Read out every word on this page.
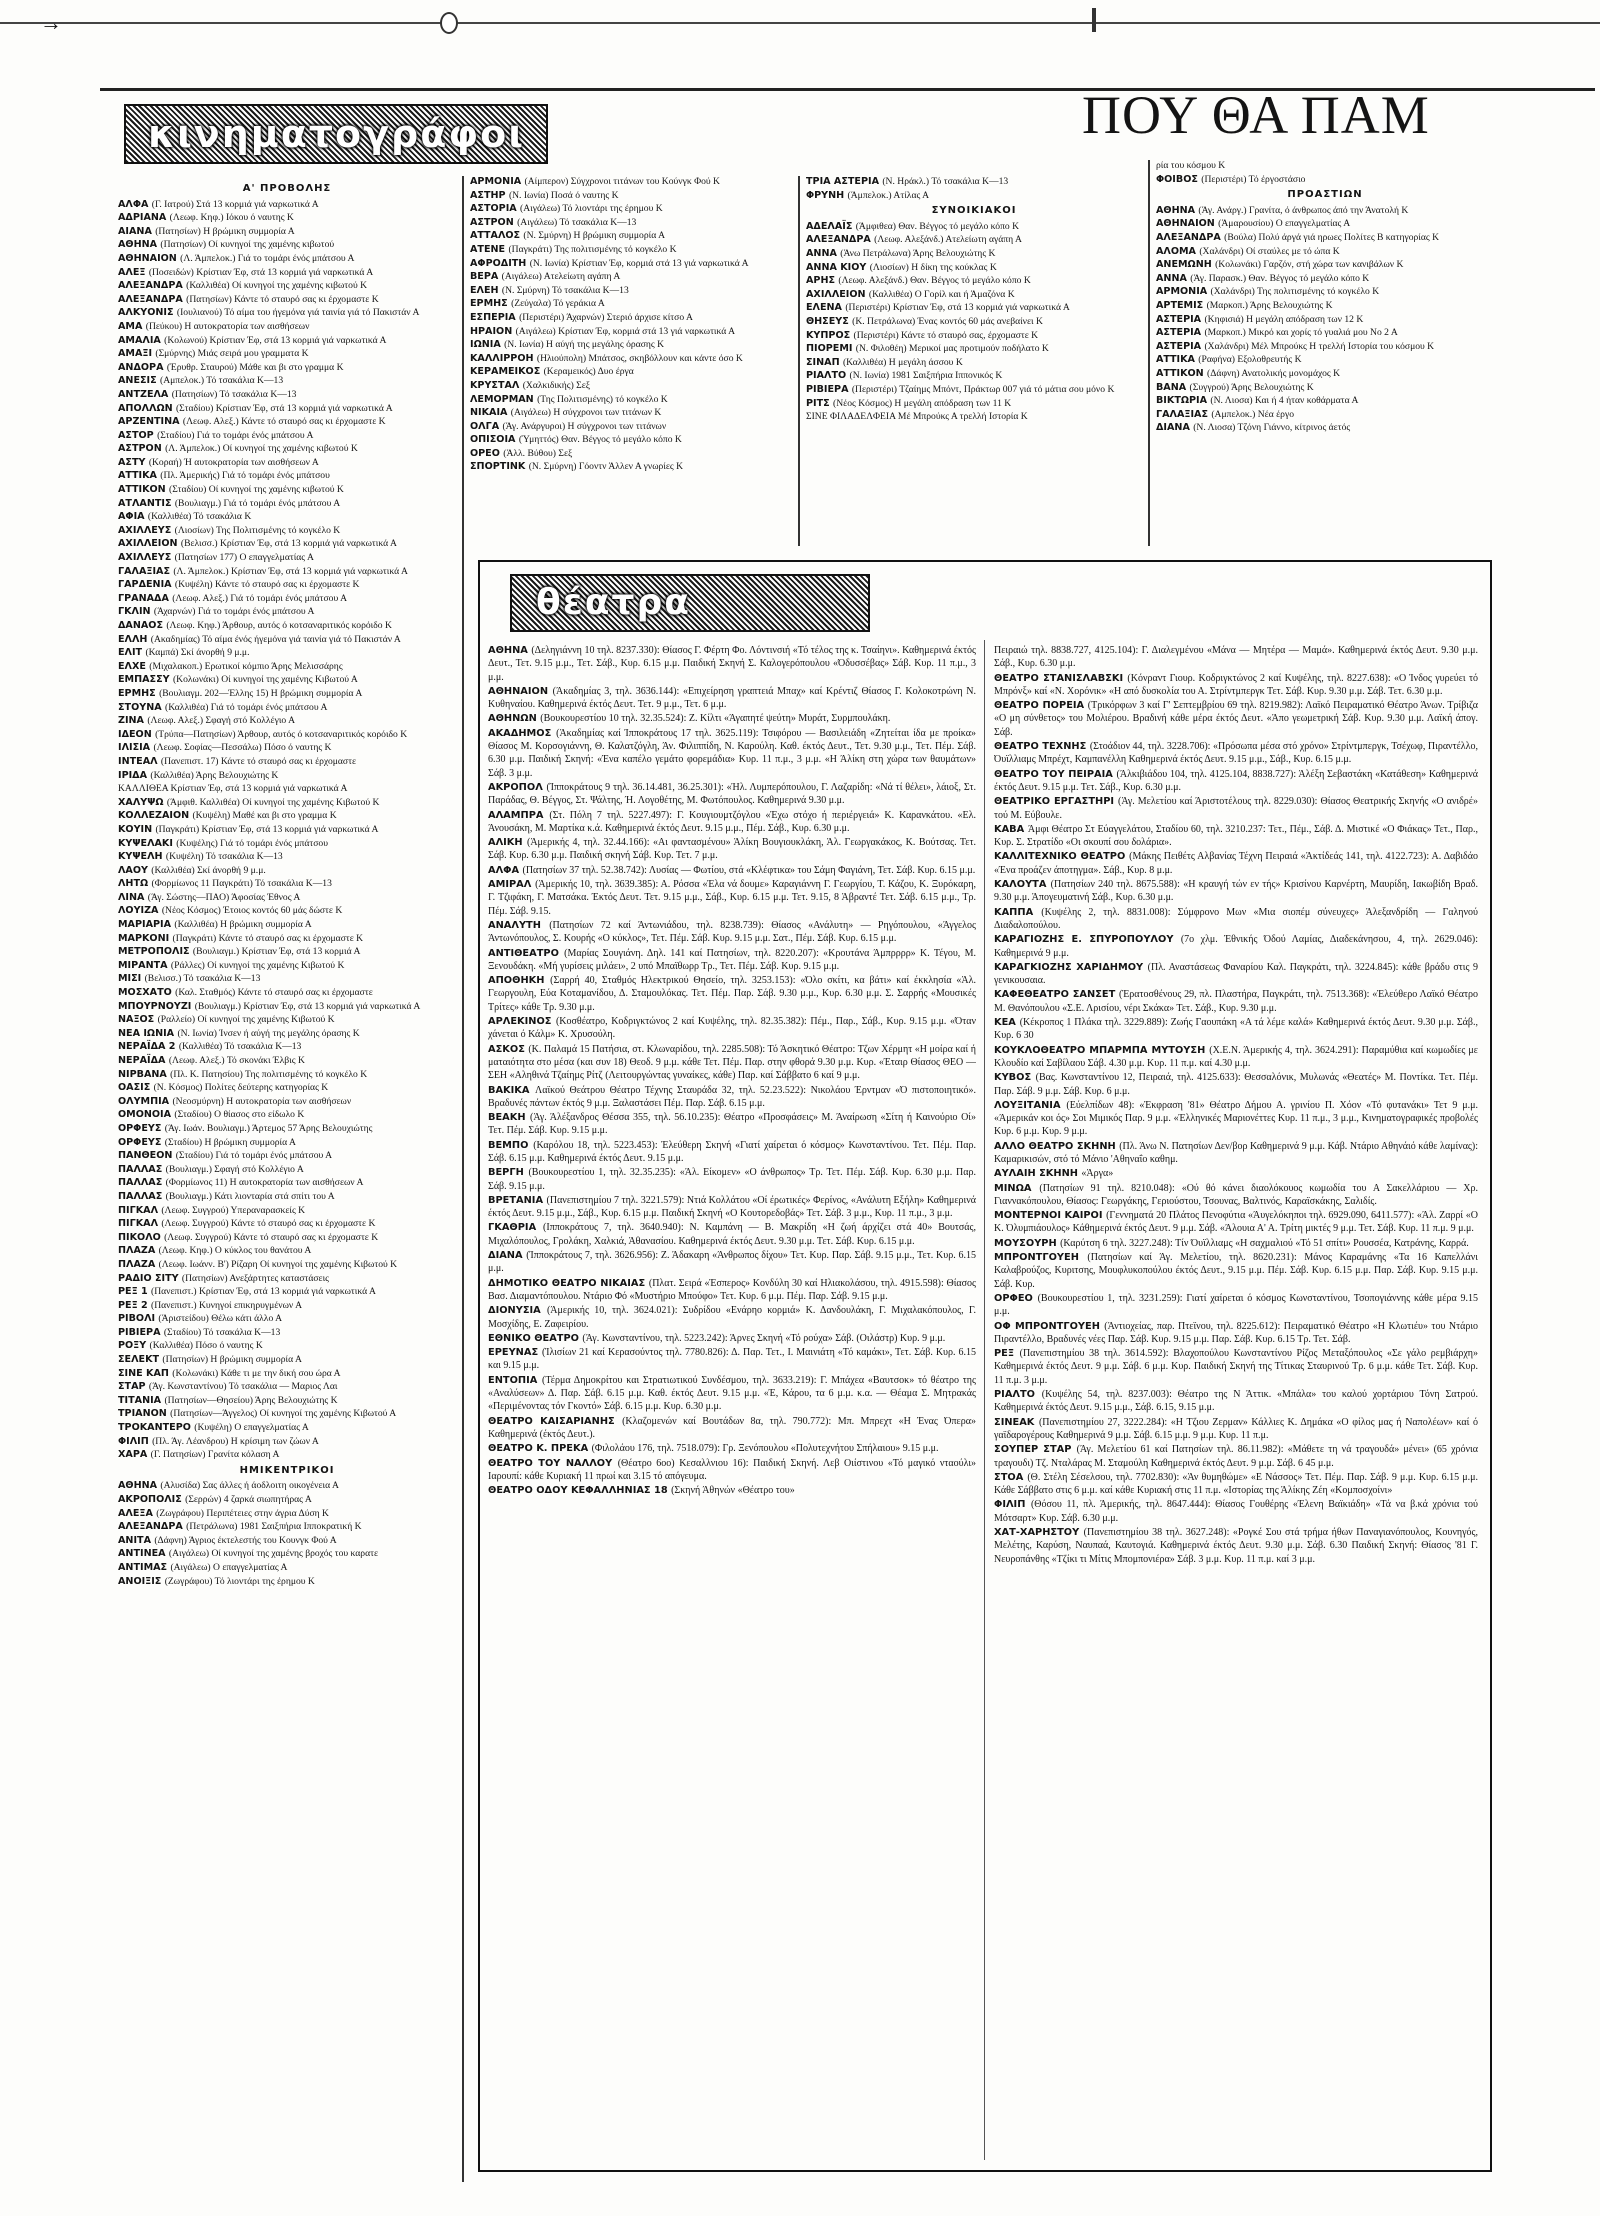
→
κινηματογράφοι	ΠΟΥ ΘΑ ΠΑΜ
Α' ΠΡΟΒΟΛΗΣ

ΑΛΦΑ (Γ. Ιατρού) Στά 13 κορμιά γιά ναρκωτικά Α

ΑΔΡΙΑΝΑ (Λεωφ. Κηφ.) Ιόκου ό ναυτης Κ

ΑΙΑΝΑ (Πατησίων) Η βρώμικη συμμορία Α

ΑΘΗΝΑ (Πατησίων) Οί κυνηγοί της χαμένης κιβωτού

ΑΘΗΝΑΙΟΝ (Λ. Άμπελοκ.) Γιά το τομάρι ένός μπάτσου Α

ΑΛΕΞ (Ποσειδών) Κρίστιαν Έφ, στά 13 κορμιά γιά ναρκωτικά Α

ΑΛΕΞΑΝΔΡΑ (Καλλιθέα) Οί κυνηγοί της χαμένης κιβωτού Κ

ΑΛΕΞΑΝΔΡΑ (Πατησίων) Κάντε τό σταυρό σας κι έρχομαστε Κ

ΑΛΚΥΟΝΙΣ (Ιουλιανού) Τό αίμα του ήγεμόνα γιά ταινία γιά τό Πακιστάν Α

ΑΜΑ (Πεύκου) Η αυτοκρατορία των αισθήσεων

ΑΜΑΛΙΑ (Κολωνού) Κρίστιαν Έφ, στά 13 κορμιά γιά ναρκωτικά Α

ΑΜΑΞΙ (Σμύρνης) Μιάς σειρά μου γραμματα Κ

ΑΝΔΟΡΑ (Έρυθρ. Σταυρού) Μάθε και βι στο γραμμα Κ

ΑΝΕΣΙΣ (Αμπελοκ.) Τό τσακάλια Κ—13

ΑΝΤΖΕΛΑ (Πατησίων) Τό τσακάλια Κ—13

ΑΠΟΛΛΩΝ (Σταδίου) Κρίστιαν Έφ, στά 13 κορμιά γιά ναρκωτικά Α

ΑΡΖΕΝΤΙΝΑ (Λεωφ. Αλεξ.) Κάντε τό σταυρό σας κι έρχομαστε Κ

ΑΣΤΟΡ (Σταδίου) Γιά το τομάρι ένός μπάτσου Α

ΑΣΤΡΟΝ (Λ. Άμπελοκ.) Οί κυνηγοί της χαμένης κιβωτού Κ

ΑΣΤΥ (Κοραή) Ή αυτοκρατορία των αισθήσεων Α

ΑΤΤΙΚΑ (Πλ. Άμερικής) Γιά τό τομάρι ένός μπάτσου

ΑΤΤΙΚΟΝ (Σταδίου) Οί κυνηγοί της χαμένης κιβωτού Κ

ΑΤΛΑΝΤΙΣ (Βουλιαγμ.) Γιά τό τομάρι ένός μπάτσου Α

ΑΦΙΑ (Καλλιθέα) Τό τσακάλια Κ

ΑΧΙΛΛΕΥΣ (Λιοσίων) Της Πολιτισμένης τό κογκέλο Κ

ΑΧΙΛΛΕΙΟΝ (Βελισσ.) Κρίστιαν Έφ, στά 13 κορμιά γιά ναρκωτικά Α

ΑΧΙΛΛΕΥΣ (Πατησίων 177) Ο επαγγελματίας Α

ΓΑΛΑΞΙΑΣ (Λ. Άμπελοκ.) Κρίστιαν Έφ, στά 13 κορμιά γιά ναρκωτικά Α

ΓΑΡΔΕΝΙΑ (Κυψέλη) Κάντε τό σταυρό σας κι έρχομαστε Κ

ΓΡΑΝΑΔΑ (Λεωφ. Αλεξ.) Γιά τό τομάρι ένός μπάτσου Α

ΓΚΛΙΝ (Άχαρνών) Γιά το τομάρι ένός μπάτσου Α

ΔΑΝΑΟΣ (Λεωφ. Κηφ.) Άρθουρ, αυτός ό κοτσαναριτικός κορόιδο Κ

ΕΛΛΗ (Ακαδημίας) Τό αίμα ένός ήγεμόνα γιά ταινία γιά τό Πακιστάν Α

ΕΛΙΤ (Καμπά) Σκί άνορθή 9 μ.μ.

ΕΛΧΕ (Μιχαλακοπ.) Ερωτικοί κόμπιο Άρης Μελισσάρης

ΕΜΠΑΣΣΥ (Κολωνάκι) Οί κυνηγοί της χαμένης Κιβωτού Α

ΕΡΜΗΣ (Βουλιαγμ. 202—Έλλης 15) Η βρώμικη συμμορία Α

ΣΤΟΥΝΑ (Καλλιθέα) Γιά τό τομάρι ένός μπάτσου Α

ΖΙΝΑ (Λεωφ. Αλεξ.) Σφαγή στό Κολλέγιο Α

ΙΔΕΟΝ (Τρύπα—Πατησίων) Άρθουρ, αυτός ό κοτσαναριτικός κορόιδο Κ

ΙΛΙΣΙΑ (Λεωφ. Σοφίας—Πεσσάλω) Πόσο ό ναυτης Κ

ΙΝΤΕΑΛ (Πανεπιστ. 17) Κάντε τό σταυρό σας κι έρχομαστε

ΙΡΙΔΑ (Καλλιθέα) Άρης Βελουχιώτης Κ

ΚΑΛΛΙΘΕΑ Κρίστιαν Έφ, στά 13 κορμιά γιά ναρκωτικά Α

ΧΑΛΥΨΩ (Άμφιθ. Καλλιθέα) Οί κυνηγοί της χαμένης Κιβωτού Κ

ΚΟΛΛΕΖΑΙΟΝ (Κυψέλη) Μαθέ και βι στο γραμμα Κ

ΚΟΥΙΝ (Παγκράτι) Κρίστιαν Έφ, στά 13 κορμιά γιά ναρκωτικά Α

ΚΥΨΕΛΑΚΙ (Κυψέλης) Γιά τό τομάρι ένός μπάτσου

ΚΥΨΕΛΗ (Κυψέλη) Τό τσακάλια Κ—13

ΛΑΟΥ (Καλλιθέα) Σκί άνορθή 9 μ.μ.

ΛΗΤΩ (Φορμίωνος 11 Παγκράτι) Τό τσακάλια Κ—13

ΛΙΝΑ (Άγ. Σώστης—ΠΑΟ) Άφοσίας Έθνος Α

ΛΟΥΙΖΑ (Νέος Κόσμος) Έτοιος κοντός 60 μάς δώστε Κ

ΜΑΡΙΑΡΙΑ (Καλλιθέα) Η βρώμικη συμμορία Α

ΜΑΡΚΟΝΙ (Παγκράτι) Κάντε τό σταυρό σας κι έρχομαστε Κ

ΜΕΤΡΟΠΟΛΙΣ (Βουλιαγμ.) Κρίστιαν Έφ, στά 13 κορμιά Α

ΜΙΡΑΝΤΑ (Ράλλες) Οί κυνηγοί της χαμένης Κιβωτού Κ

ΜΙΣΙ (Βελισσ.) Τό τσακάλια Κ—13

ΜΟΣΧΑΤΟ (Καλ. Σταθμός) Κάντε τό σταυρό σας κι έρχομαστε

ΜΠΟΥΡΝΟΥΖΙ (Βουλιαγμ.) Κρίστιαν Έφ, στά 13 κορμιά γιά ναρκωτικά Α

ΝΑΞΟΣ (Ραλλείο) Οί κυνηγοί της χαμένης Κιβωτού Κ

ΝΕΑ ΙΩΝΙΑ (Ν. Ιωνία) Ίνσεν ή αύγή της μεγάλης όρασης Κ

ΝΕΡΑΪΔΑ 2 (Καλλιθέα) Τό τσακάλια Κ—13

ΝΕΡΑΪΔΑ (Λεωφ. Αλεξ.) Τό σκονάκι Έλβις Κ

ΝΙΡΒΑΝΑ (Πλ. Κ. Πατησίου) Της πολιτισμένης τό κογκέλο Κ

ΟΑΣΙΣ (Ν. Κόσμος) Πολίτες δεύτερης κατηγορίας Κ

ΟΛΥΜΠΙΑ (Νεοσμύρνη) Η αυτοκρατορία των αισθήσεων

ΟΜΟΝΟΙΑ (Σταδίου) Ο θίασος στο είδωλο Κ

ΟΡΦΕΥΣ (Άγ. Ιωάν. Βουλιαγμ.) Άρτεμος 57 Άρης Βελουχιώτης

ΟΡΦΕΥΣ (Σταδίου) Η βρώμικη συμμορία Α

ΠΑΝΘΕΟΝ (Σταδίου) Γιά τό τομάρι ένός μπάτσου Α

ΠΑΛΛΑΣ (Βουλιαγμ.) Σφαγή στό Κολλέγιο Α

ΠΑΛΛΑΣ (Φορμίωνος 11) Η αυτοκρατορία των αισθήσεων Α

ΠΑΛΛΑΣ (Βουλιαγμ.) Κάτι λιονταρία στά σπίτι του Α

ΠΙΓΚΑΛ (Λεωφ. Συγγρού) Υπεραναρασκείς Κ

ΠΙΓΚΑΛ (Λεωφ. Συγγρού) Κάντε τό σταυρό σας κι έρχομαστε Κ

ΠΙΚΟΛΟ (Λεωφ. Συγγρού) Κάντε τό σταυρό σας κι έρχομαστε Κ

ΠΛΑΖΑ (Λεωφ. Κηφ.) Ο κύκλος του θανάτου Α

ΠΛΑΖΑ (Λεωφ. Ιωάνν. Β') Ρίζαρη Οί κυνηγοί της χαμένης Κιβωτού Κ

ΡΑΔΙΟ ΣΙΤΥ (Πατησίων) Ανεξάρτητες καταστάσεις

ΡΕΞ 1 (Πανεπιστ.) Κρίστιαν Έφ, στά 13 κορμιά γιά ναρκωτικά Α

ΡΕΞ 2 (Πανεπιστ.) Κυνηγοί επικηρυγμένων Α

ΡΙΒΟΛΙ (Άριστείδου) Θέλω κάτι άλλο Α

ΡΙΒΙΕΡΑ (Σταδίου) Τό τσακάλια Κ—13

ΡΟΞΥ (Καλλιθέα) Πόσο ό ναυτης Κ

ΣΕΛΕΚΤ (Πατησίων) Η βρώμικη συμμορία Α

ΣΙΝΕ ΚΑΠ (Κολωνάκι) Κάθε τι με την δική σου ώρα Α

ΣΤΑΡ (Άγ. Κωνσταντίνου) Τό τσακάλια — Μαριος Λαι

ΤΙΤΑΝΙΑ (Πατησίων—Θησείου) Άρης Βελουχιώτης Κ

ΤΡΙΑΝΟΝ (Πατησίων—Άγγελος) Οί κυνηγοί της χαμένης Κιβωτού Α

ΤΡΟΚΑΝΤΕΡΟ (Κυψέλη) Ο επαγγελματίας Α

ΦΙΛΙΠ (Πλ. Άγ. Λέανδρου) Η κρίσιμη των ζώων Α

ΧΑΡΑ (Γ. Πατησίων) Γρανίτα κόλαση Α

ΗΜΙΚΕΝΤΡΙΚΟΙ

ΑΘΗΝΑ (Αλυσίδα) Σας άλλες ή άοδλοιτη οικογένεια Α

ΑΚΡΟΠΟΛΙΣ (Σερρών) 4 ζαρκά σιωπητήρας Α

ΑΛΕΞΑ (Ζωγράφου) Περιπέτειες στην άγρια Δύση Κ

ΑΛΕΞΑΝΔΡΑ (Πετράλωνα) 1981 Σαιξπήρια Ιπποκρατική Κ

ΑΝΙΤΑ (Δάφνη) Άγριος έκτελεστής του Κουνγκ Φού Α

ΑΝΤΙΝΕΑ (Αιγάλεω) Οί κυνηγοί της χαμένης βροχός του καρατε

ΑΝΤΙΜΑΣ (Αιγάλεω) Ο επαγγελματίας Α

ΑΝΟΙΞΙΣ (Ζωγράφου) Τό λιοντάρι της έρημου Κ

ΑΡΜΟΝΙΑ (Αίμπερον) Σύγχρονοι τιτάνων του Κούνγκ Φού Κ

ΑΣΤΗΡ (Ν. Ιωνία) Ποσά ό ναυτης Κ

ΑΣΤΟΡΙΑ (Αιγάλεω) Τό λιοντάρι της έρημου Κ

ΑΣΤΡΟΝ (Αιγάλεω) Τό τσακάλια Κ—13

ΑΤΤΑΛΟΣ (Ν. Σμύρνη) Η βρώμικη συμμορία Α

ΑΤΕΝΕ (Παγκράτι) Της πολιτισμένης τό κογκέλο Κ

ΑΦΡΟΔΙΤΗ (Ν. Ιωνία) Κρίστιαν Έφ, κορμιά στά 13 γιά ναρκωτικά Α

ΒΕΡΑ (Αιγάλεω) Ατελείωτη αγάπη Α

ΕΛΕΗ (Ν. Σμύρνη) Τό τσακάλια Κ—13

ΕΡΜΗΣ (Ζεύγαλα) Τό γεράκια Α

ΕΣΠΕΡΙΑ (Περιστέρι) Άχαρνών) Στεριό άρχισε κίτσο Α

ΗΡΑΙΟΝ (Αιγάλεω) Κρίστιαν Έφ, κορμιά στά 13 γιά ναρκωτικά Α

ΙΩΝΙΑ (Ν. Ιωνία) Η αύγή της μεγάλης όρασης Κ

ΚΑΛΛΙΡΡΟΗ (Ηλιούπολη) Μπάτσος, σκηβόλλουν και κάντε όσο Κ

ΚΕΡΑΜΕΙΚΟΣ (Κεραμεικός) Δυο έργα

ΚΡΥΣΤΑΛ (Χαλκιδικής) Σεξ

ΛΕΜΟΡΜΑΝ (Της Πολιτισμένης) τό κογκέλο Κ

ΝΙΚΑΙΑ (Αιγάλεω) Η σύγχρονοι των τιτάνων Κ

ΟΛΓΑ (Άγ. Ανάργυροι) Η σύγχρονοι των τιτάνων

ΟΠΙΣΟΙΑ (Ύμηττός) Θαν. Βέγγος τό μεγάλο κόπο Κ

ΟΡΕΟ (Άλλ. Βύθου) Σεξ

ΣΠΟΡΤΙΝΚ (Ν. Σμύρνη) Γόοντν Άλλεν Α γνωρίες Κ

ΤΡΙΑ ΑΣΤΕΡΙΑ (Ν. Ηράκλ.) Τό τσακάλια Κ—13

ΦΡΥΝΗ (Άμπελοκ.) Ατίλας Α

ΣΥΝΟΙΚΙΑΚΟΙ

ΑΔΕΛΑΪΣ (Άμφιθεα) Θαν. Βέγγος τό μεγάλο κόπο Κ

ΑΛΕΞΑΝΔΡΑ (Λεωφ. Αλεξάνδ.) Ατελείωτη αγάπη Α

ΑΝΝΑ (Άνω Πετράλωνα) Άρης Βελουχιώτης Κ

ΑΝΝΑ ΚΙΟΥ (Λιοσίων) Η δίκη της κούκλας Κ

ΑΡΗΣ (Λεωφ. Αλεξάνδ.) Θαν. Βέγγος τό μεγάλο κόπο Κ

ΑΧΙΛΛΕΙΟΝ (Καλλιθέα) Ο Γορίλ και ή Άμαζόνα Κ

ΕΛΕΝΑ (Περιστέρι) Κρίστιαν Έφ, στά 13 κορμιά γιά ναρκωτικά Α

ΘΗΣΕΥΣ (Κ. Πετράλωνα) Ένας κοντός 60 μάς ανεβαίνει Κ

ΚΥΠΡΟΣ (Περιστέρι) Κάντε τό σταυρό σας, έρχομαστε Κ

ΠΙΟΡΕΜΙ (Ν. Φιλοθέη) Μερικοί μας προτιμούν ποδήλατο Κ

ΣΙΝΑΠ (Καλλιθέα) Η μεγάλη άσσου Κ

ΡΙΑΛΤΟ (Ν. Ιωνία) 1981 Σαιξπήρια Ιππονικός Κ

ΡΙΒΙΕΡΑ (Περιστέρι) Τζαίημς Μπόντ, Πράκτωρ 007 γιά τό μάτια σου μόνο Κ

ΡΙΤΣ (Νέος Κόσμος) Η μεγάλη απόδραση των 11 Κ

ΣΙΝΕ ΦΙΛΑΔΕΛΦΕΙΑ Μέ Μπρούκς Α τρελλή Ιστορία Κ

ρία του κόσμου Κ

ΦΟΙΒΟΣ (Περιστέρι) Τό έργοστάσιο

ΠΡΟΑΣΤΙΩΝ

ΑΘΗΝΑ (Άγ. Ανάργ.) Γρανίτα, ό άνθρωπος άπό την Άνατολή Κ

ΑΘΗΝΑΙΟΝ (Άμαρουσίου) Ο επαγγελματίας Α

ΑΛΕΞΑΝΔΡΑ (Βούλα) Πολύ άργά γιά ηρωες Πολίτες Β κατηγορίας Κ

ΑΛΟΜΑ (Χαλάνδρι) Οί σταύλες με τό ώπα Κ

ΑΝΕΜΩΝΗ (Κολωνάκι) Γαρζόν, στή χώρα των κανιβάλων Κ

ΑΝΝΑ (Άγ. Παρασκ.) Θαν. Βέγγος τό μεγάλο κόπο Κ

ΑΡΜΟΝΙΑ (Χαλάνδρι) Της πολιτισμένης τό κογκέλο Κ

ΑΡΤΕΜΙΣ (Μαρκοπ.) Άρης Βελουχιώτης Κ

ΑΣΤΕΡΙΑ (Κηφισιά) Η μεγάλη απόδραση των 12 Κ

ΑΣΤΕΡΙΑ (Μαρκοπ.) Μικρό και χορίς τό γυαλιά μου Νο 2 Α

ΑΣΤΕΡΙΑ (Χαλάνδρι) Μέλ Μπρούκς Η τρελλή Ιστορία του κόσμου Κ

ΑΤΤΙΚΑ (Ραφήνα) Εξολοθρευτής Κ

ΑΤΤΙΚΟΝ (Δάφνη) Ανατολικής μονομάχος Κ

ΒΑΝΑ (Συγγρού) Άρης Βελουχιώτης Κ

ΒΙΚΤΩΡΙΑ (Ν. Λιοσα) Και ή 4 ήταν κοθάρματα Α

ΓΑΛΑΞΙΑΣ (Αμπελοκ.) Νέα έργο

ΔΙΑΝΑ (Ν. Λιοσα) Τζόνη Γιάννο, κίτρινος άετός

θέατρα

ΑΘΗΝΑ (Δεληγιάννη 10 τηλ. 8237.330): Θίασος Γ. Φέρτη Φο. Λόντινσιή «Τό τέλος της κ. Τσαίηνι». Καθημερινά έκτός Δευτ., Τετ. 9.15 μ.μ., Τετ. Σάβ., Κυρ. 6.15 μ.μ. Παιδική Σκηνή Σ. Καλογερόπουλου «Όδυσσέβας» Σάβ. Κυρ. 11 π.μ., 3 μ.μ.

ΑΘΗΝΑΙΟΝ (Άκαδημίας 3, τηλ. 3636.144): «Επιχείρηση γραπτειά Μπαχ» καί Κρέντιζ Θίασος Γ. Κολοκοτρώνη Ν. Κυθηναίου. Καθημερινά έκτός Δευτ. Τετ. 9 μ.μ., Τετ. 6 μ.μ.

ΑΘΗΝΩΝ (Βουκουρεστίου 10 τηλ. 32.35.524): Ζ. Κίλτι «Άγαπητέ ψεύτη» Μυράτ, Συρμπουλάκη.

ΑΚΑΔΗΜΟΣ (Άκαδημίας καί Ίπποκράτους 17 τηλ. 3625.119): Τσιφόρου — Βασιλειάδη «Ζητείται ίδα με προίκα» Θίασος Μ. Κορσογιάννη, Θ. Καλατζόγλη, Άν. Φιλιππίδη, Ν. Καρούλη. Καθ. έκτός Δευτ., Τετ. 9.30 μ.μ., Τετ. Πέμ. Σάβ. 6.30 μ.μ. Παιδική Σκηνή: «Ένα καπέλο γεμάτο φορεμάδια» Κυρ. 11 π.μ., 3 μ.μ. «Η Άλίκη στη χώρα των θαυμάτων» Σάβ. 3 μ.μ.

ΑΚΡΟΠΟΛ (Ίπποκράτους 9 τηλ. 36.14.481, 36.25.301): «Ήλ. Λυμπερόπουλου, Γ. Λαζαρίδη: «Νά τί θέλει», λάιοξ, Στ. Παράδας, Θ. Βέγγος, Στ. Ψάλτης, Ή. Λογοθέτης, Μ. Φωτόπουλος. Καθημερινά 9.30 μ.μ.

ΑΛΑΜΠΡΑ (Στ. Πόλη 7 τηλ. 5227.497): Γ. Κουγιουμτζόγλου «Έχω στόχο ή περιέργειά» Κ. Καρανκάτου. «Ελ. Άνουσάκη, Μ. Μαρτίκα κ.ά. Καθημερινά έκτός Δευτ. 9.15 μ.μ., Πέμ. Σάβ., Κυρ. 6.30 μ.μ.

ΑΛΙΚΗ (Άμερικής 4, τηλ. 32.44.166): «Αι φαντασμένου» Άλίκη Βουγιουκλάκη, Άλ. Γεωργακάκος, Κ. Βούτσας. Τετ. Σάβ. Κυρ. 6.30 μ.μ. Παιδική σκηνή Σάβ. Κυρ. Τετ. 7 μ.μ.

ΑΛΦΑ (Πατησίων 37 τηλ. 52.38.742): Λυσίας — Φωτίου, στά «Κλέφτικα» του Σάμη Φαγιάνη, Τετ. Σάβ. Κυρ. 6.15 μ.μ.

ΑΜΙΡΑΛ (Άμερικής 10, τηλ. 3639.385): Α. Ρόσσα «Έλα νά δουμε» Καραγιάννη Γ. Γεωργίου, Τ. Κάζου, Κ. Ξυρόκαρη, Γ. Τζιφάκη, Γ. Ματσάκα. Έκτός Δευτ. Τετ. 9.15 μ.μ., Σάβ., Κυρ. 6.15 μ.μ. Τετ. 9.15, 8 Άβραντέ Τετ. Σάβ. 6.15 μ.μ., Τρ. Πέμ. Σάβ. 9.15.

ΑΝΑΛΥΤΗ (Πατησίων 72 καί Άντωνιάδου, τηλ. 8238.739): Θίασος «Ανάλυτη» — Ρηγόπουλου, «Άγγελος Άντωνόπουλος, Σ. Κουρής «Ο κύκλος», Τετ. Πέμ. Σάβ. Κυρ. 9.15 μ.μ. Σατ., Πέμ. Σάβ. Κυρ. 6.15 μ.μ.

ΑΝΤΙΘΕΑΤΡΟ (Μαρίας Σουγιάνη. Δηλ. 141 καί Πατησίων, τηλ. 8220.207): «Κρουτάνα Άμπρρρρ» Κ. Τέγου, Μ. Ξενουδάκη. «Μή γυρίσεις μιλάει», 2 υπό Μπαϊθωρρ Τρ., Τετ. Πέμ. Σάβ. Κυρ. 9.15 μ.μ.

ΑΠΟΘΗΚΗ (Σαρρή 40, Σταθμός Ηλεκτρικού Θησείο, τηλ. 3253.153): «Όλο σκίτι, κα βάτι» καί έκκλησία «Άλ. Γεωργουλη, Εύα Κοταμανίδου, Δ. Σταμουλόκας. Τετ. Πέμ. Παρ. Σάβ. 9.30 μ.μ., Κυρ. 6.30 μ.μ. Σ. Σαρρής «Μουσικές Τρίτες» κάθε Τρ. 9.30 μ.μ.

ΑΡΛΕΚΙΝΟΣ (Κοσθέατρο, Κοδριγκτώνος 2 καί Κυψέλης, τηλ. 82.35.382): Πέμ., Παρ., Σάβ., Κυρ. 9.15 μ.μ. «Όταν χάνεται ό Κάλμ» Κ. Χρυσούλη.

ΑΣΚΟΣ (Κ. Παλαμά 15 Πατήσια, στ. Κλωναρίδου, τηλ. 2285.508): Τό Άσκητικό Θέατρο: Τζων Χέρμητ «Η μοίρα καί ή ματαιότητα στο μέσα (και συν 18) Θεοδ. 9 μ.μ. κάθε Τετ. Πέμ. Παρ. στην φθορά 9.30 μ.μ. Κυρ. «Έταιρ Θίασος ΘΕΟ — ΣΕΗ «Αληθινά Τζαίημς Ρίτζ (Λειτουργώντας γυναίκες, κάθε) Παρ. καί Σάββατο 6 καί 9 μ.μ.

ΒΑΚΙΚΑ Λαϊκού Θεάτρου Θέατρο Τέχνης Σταυράδα 32, τηλ. 52.23.522): Νικολάου Έρντμαν «Ό πιστοποιητικό». Βραδυνές πάντων έκτός 9 μ.μ. Ξαλαστάσει Πέμ. Παρ. Σάβ. 6.15 μ.μ.

ΒΕΑΚΗ (Άγ. Άλέξανδρος Θέσσα 355, τηλ. 56.10.235): Θέατρο «Προσφάσεις» Μ. Άναίρωση «Σίτη ή Καινούριο Οί» Τετ. Πέμ. Σάβ. Κυρ. 9.15 μ.μ.

ΒΕΜΠΟ (Καρόλου 18, τηλ. 5223.453): Έλεύθερη Σκηνή «Γιατί χαίρεται ό κόσμος» Κωνσταντίνου. Τετ. Πέμ. Παρ. Σάβ. 6.15 μ.μ. Καθημερινά έκτός Δευτ. 9.15 μ.μ.

ΒΕΡΓΗ (Βουκουρεστίου 1, τηλ. 32.35.235): «Άλ. Είκομεν» «Ο άνθρωπος» Τρ. Τετ. Πέμ. Σάβ. Κυρ. 6.30 μ.μ. Παρ. Σάβ. 9.15 μ.μ.

ΒΡΕΤΑΝΙΑ (Πανεπιστημίου 7 τηλ. 3221.579): Ντιά Κολλάτου «Οί έρωτικές» Φερίνος, «Ανάλυτη Εξήλη» Καθημερινά έκτός Δευτ. 9.15 μ.μ., Σάβ., Κυρ. 6.15 μ.μ. Παιδική Σκηνή «Ο Κουτορεδοβάς» Τετ. Σάβ. 3 μ.μ., Κυρ. 11 π.μ., 3 μ.μ.

ΓΚΑΘΡΙΑ (Ιπποκράτους 7, τηλ. 3640.940): Ν. Καμπάνη — Β. Μακρίδη «Η ζωή άρχίζει στά 40» Βουτσάς, Μιχαλόπουλος, Γρολάκη, Χαλκιά, Άθανασίου. Καθημερινά έκτός Δευτ. 9.30 μ.μ. Τετ. Σάβ. Κυρ. 6.15 μ.μ.

ΔΙΑΝΑ (Ίπποκράτους 7, τηλ. 3626.956): Ζ. Άδακαρη «Άνθρωπος δίχου» Τετ. Κυρ. Παρ. Σάβ. 9.15 μ.μ., Τετ. Κυρ. 6.15 μ.μ.

ΔΗΜΟΤΙΚΟ ΘΕΑΤΡΟ ΝΙΚΑΙΑΣ (Πλατ. Σειρά «Έσπερος» Κονδύλη 30 καί Ηλιακολάσου, τηλ. 4915.598): Θίασος Βασ. Διαμαντόπουλου. Ντάριο Φό «Μυστήριο Μπούφο» Τετ. Κυρ. 6 μ.μ. Πέμ. Παρ. Σάβ. 9.15 μ.μ.

ΔΙΟΝΥΣΙΑ (Άμερικής 10, τηλ. 3624.021): Συδρίδου «Ενάρηο κορμιά» Κ. Δανδουλάκη, Γ. Μιχαλακόπουλος, Γ. Μοσχίδης, Ε. Ζαφειρίου.

ΕΘΝΙΚΟ ΘΕΑΤΡΟ (Άγ. Κωνσταντίνου, τηλ. 5223.242): Άρνες Σκηνή «Τό ρούχα» Σάβ. (Οιλάστρ) Κυρ. 9 μ.μ.

ΕΡΕΥΝΑΣ (Ίλισίων 21 καί Κερασούντος τηλ. 7780.826): Δ. Παρ. Τετ., Ι. Μαινιάτη «Τό καμάκι», Τετ. Σάβ. Κυρ. 6.15 και 9.15 μ.μ.

ΕΝΤΟΠΙΑ (Τέρμα Δημοκρίτου και Στρατιωτικού Συνδέσμου, τηλ. 3633.219): Γ. Μπάχεα «Βαυτσοκ» τό θέατρο της «Αναλύσεων» Δ. Παρ. Σάβ. 6.15 μ.μ. Καθ. έκτός Δευτ. 9.15 μ.μ. «Έ, Κάρου, τα 6 μ.μ. κ.α. — Θέαμα Σ. Μητρακάς «Περιμένοντας τόν Γκοντό» Σάβ. 6.15 μ.μ. Κυρ. 6.30 μ.μ.

ΘΕΑΤΡΟ ΚΑΙΣΑΡΙΑΝΗΣ (Κλαζομενών καί Βουτάδων 8α, τηλ. 790.772): Μπ. Μπρεχτ «Η Ένας Όπερα» Καθημερινά (έκτός Δευτ.).

ΘΕΑΤΡΟ Κ. ΠΡΕΚΑ (Φιλολάου 176, τηλ. 7518.079): Γρ. Ξενόπουλου «Πολυτεχνήτου Σπήλαιου» 9.15 μ.μ.

ΘΕΑΤΡΟ ΤΟΥ ΝΑΛΛΟΥ (Θέατρο 6οο) Κεσαλλνιου 16): Παιδική Σκηνή. Λεβ Οιίστινου «Τό μαγικό νταούλι» Ιαρουπί: κάθε Κυριακή 11 πρωί και 3.15 τό απόγευμα.

ΘΕΑΤΡΟ ΟΔΟΥ ΚΕΦΑΛΛΗΝΙΑΣ 18 (Σκηνή Άθηνών «Θέατρο του»

Πειραιώ τηλ. 8838.727, 4125.104): Γ. Διαλεγμένου «Μάνα — Μητέρα — Μαμά». Καθημερινά έκτός Δευτ. 9.30 μ.μ. Σάβ., Κυρ. 6.30 μ.μ.

ΘΕΑΤΡΟ ΣΤΑΝΙΣΛΑΒΣΚΙ (Κόνραντ Γιουρ. Κοδριγκτώνος 2 καί Κυψέλης, τηλ. 8227.638): «Ο Ίνδος γυρεύει τό Μπρόνξ» καί «Ν. Χορόνικ» «Η από δυσκολία του Α. Στρίντμπεργκ Τετ. Σάβ. Κυρ. 9.30 μ.μ. Σάβ. Τετ. 6.30 μ.μ.

ΘΕΑΤΡΟ ΠΟΡΕΙΑ (Τρικόρφων 3 καί Γ' Σεπτεμβρίου 69 τηλ. 8219.982): Λαϊκό Πειραματικό Θέατρο Άνων. Τρίβιζα «Ο μη σύνθετος» του Μολιέρου. Βραδινή κάθε μέρα έκτός Δευτ. «Άπο γεωμετρική Σάβ. Κυρ. 9.30 μ.μ. Λαϊκή άπογ. Σάβ.

ΘΕΑΤΡΟ ΤΕΧΝΗΣ (Στοάδιον 44, τηλ. 3228.706): «Πρόσωπα μέσα στό χρόνο» Στρίντμπεργκ, Τσέχωφ, Πιραντέλλο, Όυϊλλιαμς Μπρέχτ, Καμπανέλλη Καθημερινά έκτός Δευτ. 9.15 μ.μ., Σάβ., Κυρ. 6.15 μ.μ.

ΘΕΑΤΡΟ ΤΟΥ ΠΕΙΡΑΙΑ (Άλκιβιάδου 104, τηλ. 4125.104, 8838.727): Άλέξη Σεβαστάκη «Κατάθεση» Καθημερινά έκτός Δευτ. 9.15 μ.μ. Τετ. Σάβ., Κυρ. 6.30 μ.μ.

ΘΕΑΤΡΙΚΟ ΕΡΓΑΣΤΗΡΙ (Άγ. Μελετίου καί Άριστοτέλους τηλ. 8229.030): Θίασος Θεατρικής Σκηνής «Ο ανιδρέ» τού Μ. Εύβουλε.

ΚΑΒΑ Άμφι Θέατρο Στ Εύαγγελάτου, Σταδίου 60, τηλ. 3210.237: Τετ., Πέμ., Σάβ. Δ. Μιστικέ «Ο Φιάκας» Τετ., Παρ., Κυρ. Σ. Στρατίδο «Οι σκουπί σου δολάρια».

ΚΑΛΛΙΤΕΧΝΙΚΟ ΘΕΑΤΡΟ (Μάκης Πειθέτς Αλβανίας Τέχνη Πειραιά «Άκτίδεάς 141, τηλ. 4122.723): Α. Δαβιδάο «Ένα προάζεν άποτηγμα». Σάβ., Κυρ. 8 μ.μ.

ΚΑΛΟΥΤΑ (Πατησίων 240 τηλ. 8675.588): «Η κραυγή τών εν τής» Κρισίνου Καρνέρτη, Μαυρίδη, Ιακωβίδη Βραδ. 9.30 μ.μ. Άπογευματινή Σάβ., Κυρ. 6.30 μ.μ.

ΚΑΠΠΑ (Κυψέλης 2, τηλ. 8831.008): Σύμφρονο Μων «Μια σιοπέμ σύνευχες» Άλεξανδρίδη — Γαληνού Διαδαλοπούλου.

ΚΑΡΑΓΙΟΖΗΣ Ε. ΣΠΥΡΟΠΟΥΛΟΥ (7ο χλμ. Έθνικής Όδού Λαμίας, Διαδεκάνησου, 4, τηλ. 2629.046): Καθημερινά 9 μ.μ.

ΚΑΡΑΓΚΙΟΖΗΣ ΧΑΡΙΔΗΜΟΥ (Πλ. Αναστάσεως Φαναρίου Καλ. Παγκράτι, τηλ. 3224.845): κάθε βράδυ στις 9 γενικουσαια.

ΚΑΦΕΘΕΑΤΡΟ ΣΑΝΣΕΤ (Έρατοσθένους 29, πλ. Πλαστήρα, Παγκράτι, τηλ. 7513.368): «Έλεύθερο Λαϊκό Θέατρο Μ. Θανόπουλου «Σ.Ε. Λρισίου, νέρι Σκάκα» Τετ. Σάβ., Κυρ. 9.30 μ.μ.

ΚΕΑ (Κέκροπος 1 Πλάκα τηλ. 3229.889): Ζωής Γαουπάκη «Α τά λέμε καλά» Καθημερινά έκτός Δευτ. 9.30 μ.μ. Σάβ., Κυρ. 6 30

ΚΟΥΚΛΟΘΕΑΤΡΟ ΜΠΑΡΜΠΑ ΜΥΤΟΥΣΗ (Χ.Ε.Ν. Άμερικής 4, τηλ. 3624.291): Παραμύθια καί κωμωδίες με Κλουδίο καί Σαβίλαου Σάβ. 4.30 μ.μ. Κυρ. 11 π.μ. καί 4.30 μ.μ.

ΚΥΒΟΣ (Βας. Κωνσταντίνου 12, Πειραιά, τηλ. 4125.633): Θεσσαλόνικ, Μυλωνάς «Θεατές» Μ. Ποντίκα. Τετ. Πέμ. Παρ. Σάβ. 9 μ.μ. Σάβ. Κυρ. 6 μ.μ.

ΛΟΥΞΙΤΑΝΙΑ (Εύελπίδων 48): «Έκφραση '81» Θέατρο Δήμου Α. γρινίου Π. Χόον «Τό φυτανάκι» Τετ 9 μ.μ. «Άμερικάν κοι ός» Σοι Μιμικός Παρ. 9 μ.μ. «Έλληνικές Μαριονέττες Κυρ. 11 π.μ., 3 μ.μ., Κινηματογραφικές προβολές Κυρ. 6 μ.μ. Κυρ. 9 μ.μ.

ΑΛΛΟ ΘΕΑΤΡΟ ΣΚΗΝΗ (Πλ. Άνω Ν. Πατησίων Δεν/βορ Καθημερινά 9 μ.μ. Κάβ. Ντάριο Αθηνάιό κάθε λαμίνας): Καμαρικισών, στό τό Μάνιο 'Αθηναΐο καθημ.

ΑΥΛΑΙΗ ΣΚΗΝΗ «Άργα»

ΜΙΝΩΑ (Πατησίων 91 τηλ. 8210.048): «Ού θό κάνει διαολόκουος κωμωδία του Α Σακελλάριου — Χρ. Γιαννακόπουλου, Θίασος: Γεωργάκης, Γεριούστου, Τσουνας, Βαλτινός, Καραϊσκάκης, Σαλιδίς.

ΜΟΝΤΕΡΝΟΙ ΚΑΙΡΟΙ (Γεννηματά 20 Πλάτος Πενοφύτια «Άυγελόκηποι τηλ. 6929.090, 6411.577): «Άλ. Ζαρρί «Ο Κ. Όλυμπιάουλος» Κάθημερινά έκτός Δευτ. 9 μ.μ. Σάβ. «Άλουια Α' Α. Τρίτη μικτές 9 μ.μ. Τετ. Σάβ. Κυρ. 11 π.μ. 9 μ.μ.

ΜΟΥΣΟΥΡΗ (Καρύτση 6 τηλ. 3227.248): Τίν Όυϊλλιαμς «Η σαχμαλιού «Τό 51 σπίτι» Ρουσσέα, Κατράνης, Καρρά.

ΜΠΡΟΝΤΓΟΥΕΗ (Πατησίων καί Άγ. Μελετίου, τηλ. 8620.231): Μάνος Καραμάνης «Τα 16 Καπελλάνι Καλαβρούζος, Κυριτσης, Μουφλυκοπούλου έκτός Δευτ., 9.15 μ.μ. Πέμ. Σάβ. Κυρ. 6.15 μ.μ. Παρ. Σάβ. Κυρ. 9.15 μ.μ. Σάβ. Κυρ.

ΟΡΦΕΟ (Βουκουρεστίου 1, τηλ. 3231.259): Γιατί χαίρεται ό κόσμος Κωνσταντίνου, Τσοπογιάννης κάθε μέρα 9.15 μ.μ.

ΟΦ ΜΠΡΟΝΤΓΟΥΕΗ (Άντιοχείας, παρ. Πτεϊνου, τηλ. 8225.612): Πειραματικό Θέατρο «Η Κλωτιέυ» του Ντάριο Πιραντέλλο, Βραδυνές νέες Παρ. Σάβ. Κυρ. 9.15 μ.μ. Παρ. Σάβ. Κυρ. 6.15 Τρ. Τετ. Σάβ.

ΡΕΞ (Πανεπιστημίου 38 τηλ. 3614.592): Βλαχοπούλου Κωνσταντίνου Ρίζος Μεταξόπουλος «Σε γάλο ρεμβιάρχη» Καθημερινά έκτός Δευτ. 9 μ.μ. Σάβ. 6 μ.μ. Κυρ. Παιδική Σκηνή της Τίτικας Σταυρινού Τρ. 6 μ.μ. κάθε Τετ. Σάβ. Κυρ. 11 π.μ. 3 μ.μ.

ΡΙΑΛΤΟ (Κυψέλης 54, τηλ. 8237.003): Θέατρο της Ν Άττικ. «Μπάλα» του καλού χορτάριου Τόνη Σατρού. Καθημερινά έκτός Δευτ. 9.15 μ.μ., Σάβ. 6.15, 9.15 μ.μ.

ΣΙΝΕΑΚ (Πανεπιστημίου 27, 3222.284): «Η Τζιου Ζερμαν» Κάλλιες Κ. Δημάκα «Ο φίλος μας ή Ναπολέων» καί ό γαϊδαρογέρους Καθημερινά 9 μ.μ. Σάβ. 6.15 μ.μ. 9 μ.μ. Κυρ. 11 π.μ.

ΣΟΥΠΕΡ ΣΤΑΡ (Άγ. Μελετίου 61 καί Πατησίων τηλ. 86.11.982): «Μάθετε τη νά τραγουδά» μένει» (65 χρόνια τραγουδι) Τζ. Νταλάρας Μ. Σταμούλη Καθημερινά έκτός Δευτ. 9 μ.μ. Σάβ. 6 45 μ.μ.

ΣΤΟΑ (Θ. Στέλη Σέσελσου, τηλ. 7702.830): «Άν θυμηθώμε» «Ε Νάσσος» Τετ. Πέμ. Παρ. Σάβ. 9 μ.μ. Κυρ. 6.15 μ.μ. Κάθε Σάββατο στις 6 μ.μ. καί κάθε Κυριακή στις 11 π.μ. «Ιστορίας της Άλίκης Ζέη «Κομποσχοίνι»

ΦΙΛΙΠ (Θόσου 11, πλ. Άμερικής, τηλ. 8647.444): Θίασος Γουθέρης «Έλενη Βαϊκιάδη» «Τά να β.κά χρόνια τού Μότσαρτ» Κυρ. Σάβ. 6.30 μ.μ.

ΧΑΤ-ΧΑΡΗΣΤΟΥ (Πανεπιστημίου 38 τηλ. 3627.248): «Ρογκέ Σου στά τρήμα ήθων Παναγιανόπουλος, Κουνηγός, Μελέτης, Καρύση, Ναυπαά, Καυτογιά. Καθημερινά έκτός Δευτ. 9.30 μ.μ. Σάβ. 6.30 Παιδική Σκηνή: Θίασος '81 Γ. Νευροπάνθης «Τζίκι τι Μίτις Μπομπονιέρα» Σάβ. 3 μ.μ. Κυρ. 11 π.μ. καί 3 μ.μ.
